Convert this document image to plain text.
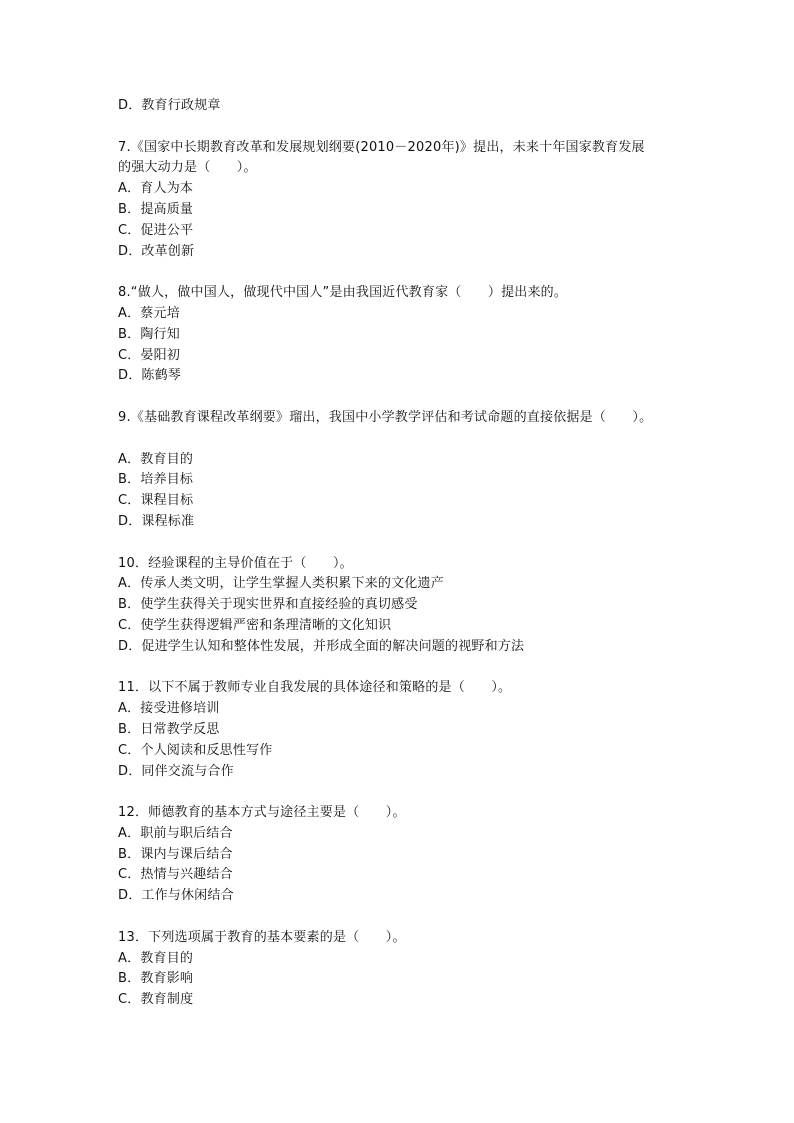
D．教育行政规章
7.《国家中长期教育改革和发展规划纲要(2010－2020年)》提出，未来十年国家教育发展
的强大动力是（　　）。
A．育人为本
B．提高质量
C．促进公平
D．改革创新
8.“做人，做中国人，做现代中国人”是由我国近代教育家（　　）提出来的。
A．蔡元培
B．陶行知
C．晏阳初
D．陈鹤琴
9.《基础教育课程改革纲要》瑠出，我国中小学教学评估和考试命题的直接依据是（　　）。
A．教育目的
B．培养目标
C．课程目标
D．课程标准
10．经验课程的主导价值在于（　　）。
A．传承人类文明，让学生掌握人类积累下来的文化遗产
B．使学生获得关于现实世界和直接经验的真切感受
C．使学生获得逻辑严密和条理清晰的文化知识
D．促进学生认知和整体性发展，并形成全面的解决问题的视野和方法
11．以下不属于教师专业自我发展的具体途径和策略的是（　　）。
A．接受进修培训
B．日常教学反思
C．个人阅读和反思性写作
D．同伴交流与合作
12．师德教育的基本方式与途径主要是（　　）。
A．职前与职后结合
B．课内与课后结合
C．热情与兴趣结合
D．工作与休闲结合
13．下列选项属于教育的基本要素的是（　　）。
A．教育目的
B．教育影响
C．教育制度
